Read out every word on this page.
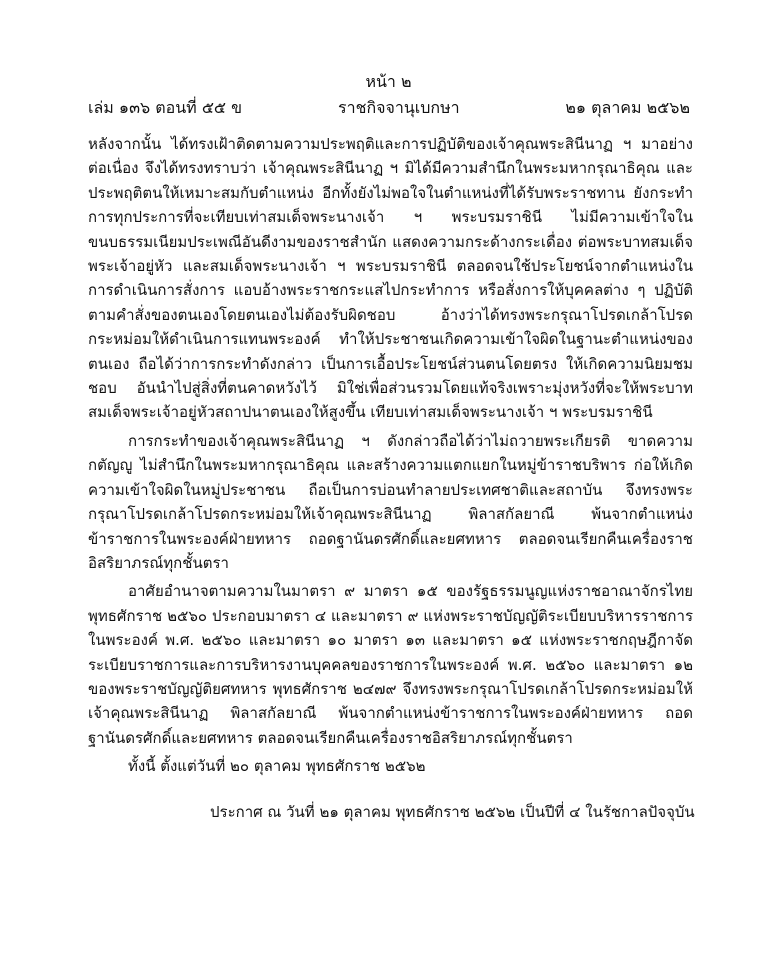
หน้า ๒
เล่ม ๑๓๖ ตอนที่ ๕๕ ข	ราชกิจจานุเบกษา	๒๑ ตุลาคม ๒๕๖๒

หลังจากนั้น ได้ทรงเฝ้าติดตามความประพฤติและการปฏิบัติของเจ้าคุณพระสินีนาฏ ฯ มาอย่างต่อเนื่อง จึงได้ทรงทราบว่า เจ้าคุณพระสินีนาฏ ฯ มิได้มีความสำนึกในพระมหากรุณาธิคุณ และประพฤติตนให้เหมาะสมกับตำแหน่ง อีกทั้งยังไม่พอใจในตำแหน่งที่ได้รับพระราชทาน ยังกระทำการทุกประการที่จะเทียบเท่าสมเด็จพระนางเจ้า ฯ พระบรมราชินี ไม่มีความเข้าใจในขนบธรรมเนียมประเพณีอันดีงามของราชสำนัก แสดงความกระด้างกระเดื่อง ต่อพระบาทสมเด็จพระเจ้าอยู่หัว และสมเด็จพระนางเจ้า ฯ พระบรมราชินี ตลอดจนใช้ประโยชน์จากตำแหน่งในการดำเนินการสั่งการ แอบอ้างพระราชกระแสไปกระทำการ หรือสั่งการให้บุคคลต่าง ๆ ปฏิบัติตามคำสั่งของตนเองโดยตนเองไม่ต้องรับผิดชอบ อ้างว่าได้ทรงพระกรุณาโปรดเกล้าโปรดกระหม่อมให้ดำเนินการแทนพระองค์ ทำให้ประชาชนเกิดความเข้าใจผิดในฐานะตำแหน่งของตนเอง ถือได้ว่าการกระทำดังกล่าว เป็นการเอื้อประโยชน์ส่วนตนโดยตรง ให้เกิดความนิยมชมชอบ อันนำไปสู่สิ่งที่ตนคาดหวังไว้ มิใช่เพื่อส่วนรวมโดยแท้จริงเพราะมุ่งหวังที่จะให้พระบาทสมเด็จพระเจ้าอยู่หัวสถาปนาตนเองให้สูงขึ้น เทียบเท่าสมเด็จพระนางเจ้า ฯ พระบรมราชินี

การกระทำของเจ้าคุณพระสินีนาฏ ฯ ดังกล่าวถือได้ว่าไม่ถวายพระเกียรติ ขาดความกตัญญู ไม่สำนึกในพระมหากรุณาธิคุณ และสร้างความแตกแยกในหมู่ข้าราชบริพาร ก่อให้เกิดความเข้าใจผิดในหมู่ประชาชน ถือเป็นการบ่อนทำลายประเทศชาติและสถาบัน จึงทรงพระกรุณาโปรดเกล้าโปรดกระหม่อมให้เจ้าคุณพระสินีนาฏ พิลาสกัลยาณี พ้นจากตำแหน่งข้าราชการในพระองค์ฝ่ายทหาร ถอดฐานันดรศักดิ์และยศทหาร ตลอดจนเรียกคืนเครื่องราชอิสริยาภรณ์ทุกชั้นตรา

อาศัยอำนาจตามความในมาตรา ๙ มาตรา ๑๕ ของรัฐธรรมนูญแห่งราชอาณาจักรไทย พุทธศักราช ๒๕๖๐ ประกอบมาตรา ๔ และมาตรา ๙ แห่งพระราชบัญญัติระเบียบบริหารราชการในพระองค์ พ.ศ. ๒๕๖๐ และมาตรา ๑๐ มาตรา ๑๓ และมาตรา ๑๕ แห่งพระราชกฤษฎีกาจัดระเบียบราชการและการบริหารงานบุคคลของราชการในพระองค์ พ.ศ. ๒๕๖๐ และมาตรา ๑๒ ของพระราชบัญญัติยศทหาร พุทธศักราช ๒๔๗๙ จึงทรงพระกรุณาโปรดเกล้าโปรดกระหม่อมให้เจ้าคุณพระสินีนาฏ พิลาสกัลยาณี พ้นจากตำแหน่งข้าราชการในพระองค์ฝ่ายทหาร ถอดฐานันดรศักดิ์และยศทหาร ตลอดจนเรียกคืนเครื่องราชอิสริยาภรณ์ทุกชั้นตรา

ทั้งนี้ ตั้งแต่วันที่ ๒๐ ตุลาคม พุทธศักราช ๒๕๖๒

ประกาศ ณ วันที่ ๒๑ ตุลาคม พุทธศักราช ๒๕๖๒ เป็นปีที่ ๔ ในรัชกาลปัจจุบัน
